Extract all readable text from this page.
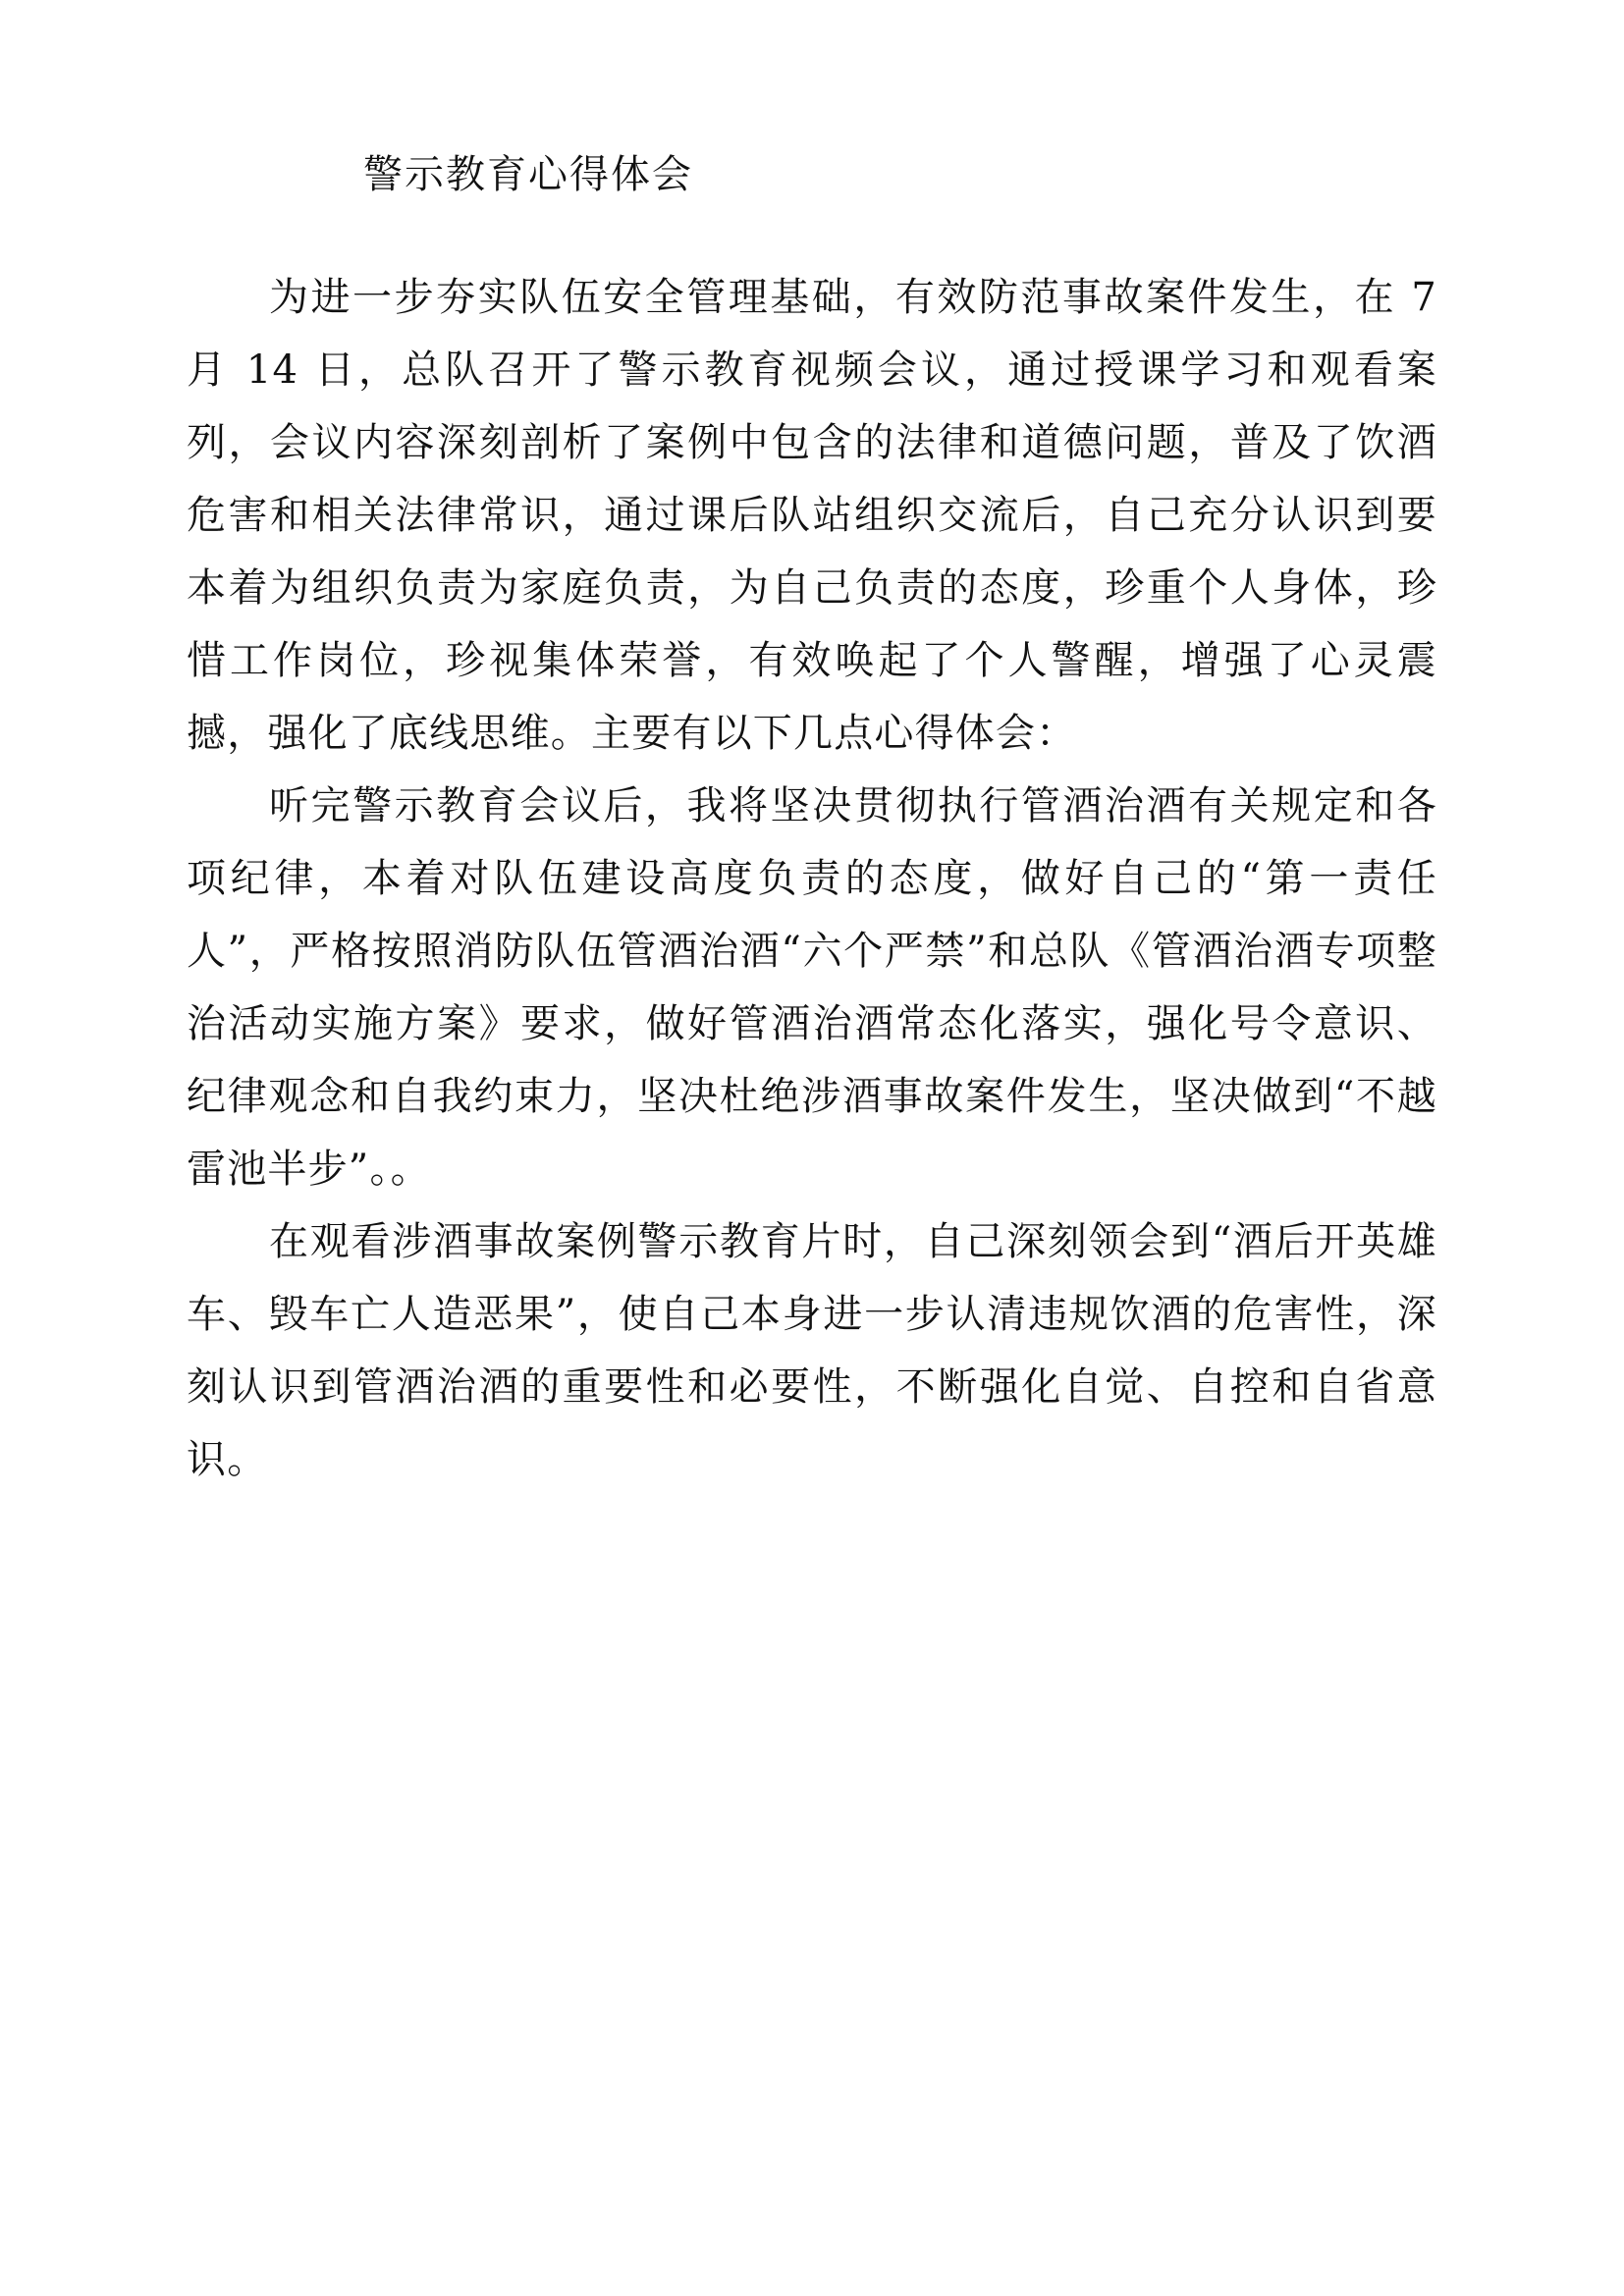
警示教育心得体会

为进一步夯实队伍安全管理基础，有效防范事故案件发生，在 7 月 14 日，总队召开了警示教育视频会议，通过授课学习和观看案列，会议内容深刻剖析了案例中包含的法律和道德问题，普及了饮酒危害和相关法律常识，通过课后队站组织交流后，自己充分认识到要本着为组织负责为家庭负责，为自己负责的态度，珍重个人身体，珍惜工作岗位，珍视集体荣誉，有效唤起了个人警醒，增强了心灵震撼，强化了底线思维。主要有以下几点心得体会：

听完警示教育会议后，我将坚决贯彻执行管酒治酒有关规定和各项纪律，本着对队伍建设高度负责的态度，做好自己的“第一责任人”，严格按照消防队伍管酒治酒“六个严禁”和总队《管酒治酒专项整治活动实施方案》要求，做好管酒治酒常态化落实，强化号令意识、纪律观念和自我约束力，坚决杜绝涉酒事故案件发生，坚决做到“不越雷池半步”。。

在观看涉酒事故案例警示教育片时，自己深刻领会到“酒后开英雄车、毁车亡人造恶果”，使自己本身进一步认清违规饮酒的危害性，深刻认识到管酒治酒的重要性和必要性，不断强化自觉、自控和自省意识。
